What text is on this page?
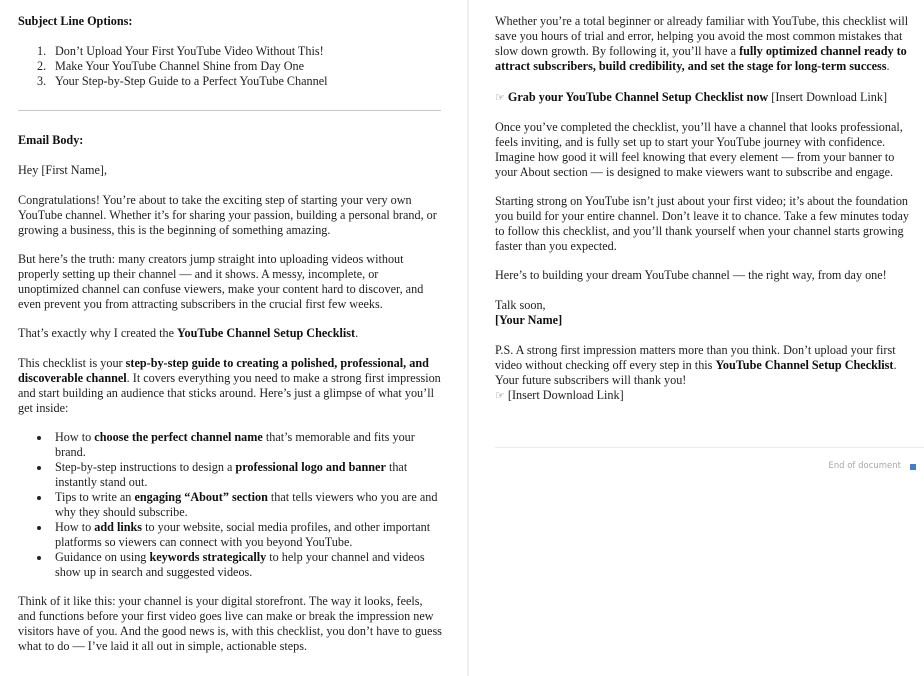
Subject Line Options:

1. Don’t Upload Your First YouTube Video Without This!
2. Make Your YouTube Channel Shine from Day One
3. Your Step-by-Step Guide to a Perfect YouTube Channel

Email Body:

Hey [First Name],

Congratulations! You’re about to take the exciting step of starting your very own YouTube channel. Whether it’s for sharing your passion, building a personal brand, or growing a business, this is the beginning of something amazing.

But here’s the truth: many creators jump straight into uploading videos without properly setting up their channel — and it shows. A messy, incomplete, or unoptimized channel can confuse viewers, make your content hard to discover, and even prevent you from attracting subscribers in the crucial first few weeks.

That’s exactly why I created the YouTube Channel Setup Checklist.

This checklist is your step-by-step guide to creating a polished, professional, and discoverable channel. It covers everything you need to make a strong first impression and start building an audience that sticks around. Here’s just a glimpse of what you’ll get inside:

How to choose the perfect channel name that’s memorable and fits your brand.
Step-by-step instructions to design a professional logo and banner that instantly stand out.
Tips to write an engaging “About” section that tells viewers who you are and why they should subscribe.
How to add links to your website, social media profiles, and other important platforms so viewers can connect with you beyond YouTube.
Guidance on using keywords strategically to help your channel and videos show up in search and suggested videos.

Think of it like this: your channel is your digital storefront. The way it looks, feels, and functions before your first video goes live can make or break the impression new visitors have of you. And the good news is, with this checklist, you don’t have to guess what to do — I’ve laid it all out in simple, actionable steps.

Whether you’re a total beginner or already familiar with YouTube, this checklist will save you hours of trial and error, helping you avoid the most common mistakes that slow down growth. By following it, you’ll have a fully optimized channel ready to attract subscribers, build credibility, and set the stage for long-term success.

☞ Grab your YouTube Channel Setup Checklist now [Insert Download Link]

Once you’ve completed the checklist, you’ll have a channel that looks professional, feels inviting, and is fully set up to start your YouTube journey with confidence. Imagine how good it will feel knowing that every element — from your banner to your About section — is designed to make viewers want to subscribe and engage.

Starting strong on YouTube isn’t just about your first video; it’s about the foundation you build for your entire channel. Don’t leave it to chance. Take a few minutes today to follow this checklist, and you’ll thank yourself when your channel starts growing faster than you expected.

Here’s to building your dream YouTube channel — the right way, from day one!

Talk soon,

[Your Name]

P.S. A strong first impression matters more than you think. Don’t upload your first video without checking off every step in this YouTube Channel Setup Checklist. Your future subscribers will thank you!

☞ [Insert Download Link]

End of document
